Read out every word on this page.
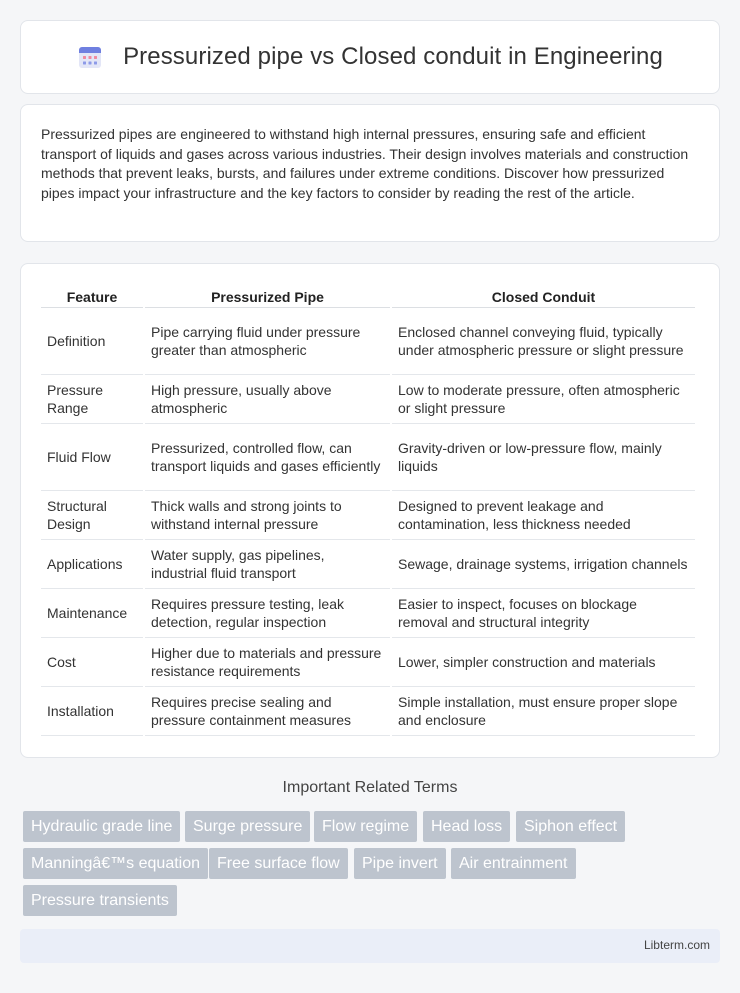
Pressurized pipe vs Closed conduit in Engineering

Pressurized pipes are engineered to withstand high internal pressures, ensuring safe and efficient transport of liquids and gases across various industries. Their design involves materials and construction methods that prevent leaks, bursts, and failures under extreme conditions. Discover how pressurized pipes impact your infrastructure and the key factors to consider by reading the rest of the article.

Feature	Pressurized Pipe	Closed Conduit
Definition	Pipe carrying fluid under pressure greater than atmospheric	Enclosed channel conveying fluid, typically under atmospheric pressure or slight pressure
Pressure Range	High pressure, usually above atmospheric	Low to moderate pressure, often atmospheric or slight pressure
Fluid Flow	Pressurized, controlled flow, can transport liquids and gases efficiently	Gravity-driven or low-pressure flow, mainly liquids
Structural Design	Thick walls and strong joints to withstand internal pressure	Designed to prevent leakage and contamination, less thickness needed
Applications	Water supply, gas pipelines, industrial fluid transport	Sewage, drainage systems, irrigation channels
Maintenance	Requires pressure testing, leak detection, regular inspection	Easier to inspect, focuses on blockage removal and structural integrity
Cost	Higher due to materials and pressure resistance requirements	Lower, simpler construction and materials
Installation	Requires precise sealing and pressure containment measures	Simple installation, must ensure proper slope and enclosure
Important Related Terms
Hydraulic grade line	Surge pressure	Flow regime	Head loss	Siphon effect
Manningâ€™s equation	Free surface flow	Pipe invert	Air entrainment
Pressure transients
Libterm.com
